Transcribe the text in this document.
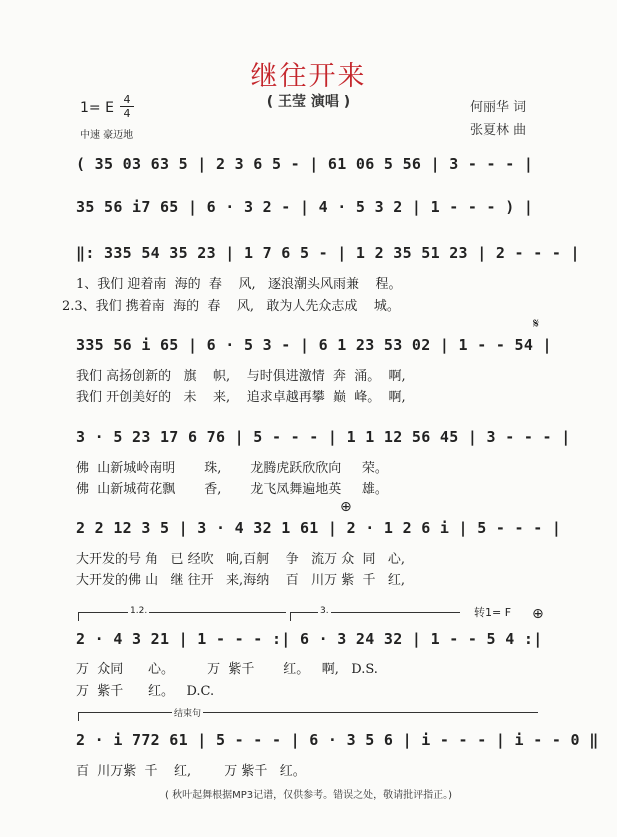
继往开来
( 王莹 演唱 )
1= E
4
4
中速 豪迈地
何丽华 词
张夏林 曲
( 35 03 63 5 | 2 3 6 5 - | 61 06 5 56 | 3 - - - |
35 56 i7 65 | 6 · 3 2 - | 4 · 5 3 2 | 1 - - - ) |
‖: 335 54 35 23 | 1 7 6 5 - | 1 2 35 51 23 | 2 - - - |
1、我们 迎着南  海的  春    风,   逐浪潮头风雨兼    程。
2.3、我们 携着南  海的  春    风,   敢为人先众志成    城。
𝄋
335 56 i 65 | 6 · 5 3 - | 6 1 23 53 02 | 1 - - 54 |
我们 高扬创新的   旗    帜,    与时俱进激情  奔  涌。  啊,
我们 开创美好的   未    来,    追求卓越再攀  巅  峰。  啊,
3 · 5 23 17 6 76 | 5 - - - | 1 1 12 56 45 | 3 - - - |
佛  山新城岭南明       珠,       龙腾虎跃欣欣向     荣。
佛  山新城荷花飘       香,       龙飞凤舞遍地英     雄。
⊕
2 2 12 3 5 | 3 · 4 32 1 61 | 2 · 1 2 6 i | 5 - - - |
大开发的号 角   已 经吹   响,百舸    争   流万 众  同   心,
大开发的佛 山   继 往开   来,海纳    百   川万 紫  千   红,
1.2.	3.	转1= F ⊕
2 · 4 3 21 | 1 - - - :| 6 · 3 24 32 | 1 - - 5 4 :|
万  众同      心。        万  紫千       红。   啊,   D.S.
万  紫千      红。   D.C.
结束句
2 · i 772 61 | 5 - - - | 6 · 3 5 6 | i - - - | i - - 0 ‖
百  川万紫  千    红,        万 紫千   红。
( 秋叶起舞根据MP3记谱，仅供参考。错误之处，敬请批评指正。)
